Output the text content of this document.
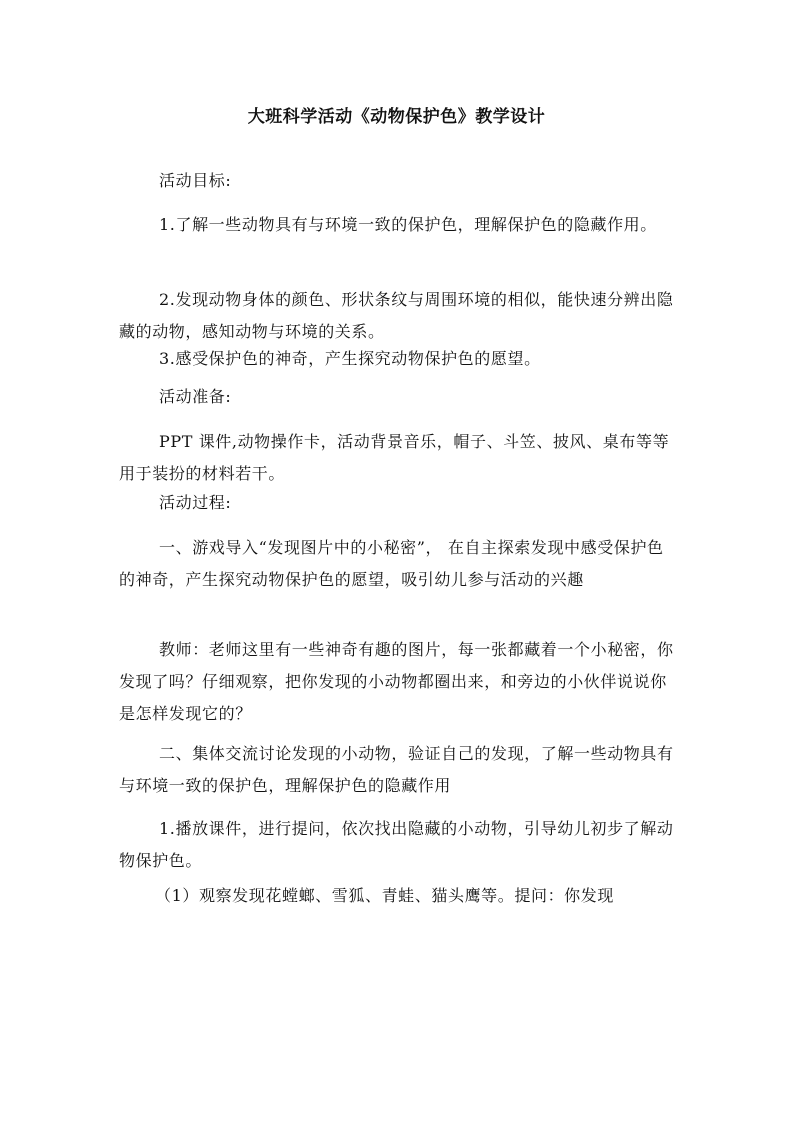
大班科学活动《动物保护色》教学设计

活动目标:

1.了解一些动物具有与环境一致的保护色，理解保护色的隐藏作用。

2.发现动物身体的颜色、形状条纹与周围环境的相似，能快速分辨出隐藏的动物，感知动物与环境的关系。

3.感受保护色的神奇，产生探究动物保护色的愿望。

活动准备:

PPT 课件,动物操作卡，活动背景音乐，帽子、斗笠、披风、桌布等等用于装扮的材料若干。

活动过程:

一、游戏导入“发现图片中的小秘密”， 在自主探索发现中感受保护色的神奇，产生探究动物保护色的愿望，吸引幼儿参与活动的兴趣

教师：老师这里有一些神奇有趣的图片，每一张都藏着一个小秘密，你发现了吗？仔细观察，把你发现的小动物都圈出来，和旁边的小伙伴说说你是怎样发现它的？

二、集体交流讨论发现的小动物，验证自己的发现，了解一些动物具有与环境一致的保护色，理解保护色的隐藏作用

1.播放课件，进行提问，依次找出隐藏的小动物，引导幼儿初步了解动物保护色。

（1）观察发现花螳螂、雪狐、青蛙、猫头鹰等。提问：你发现
